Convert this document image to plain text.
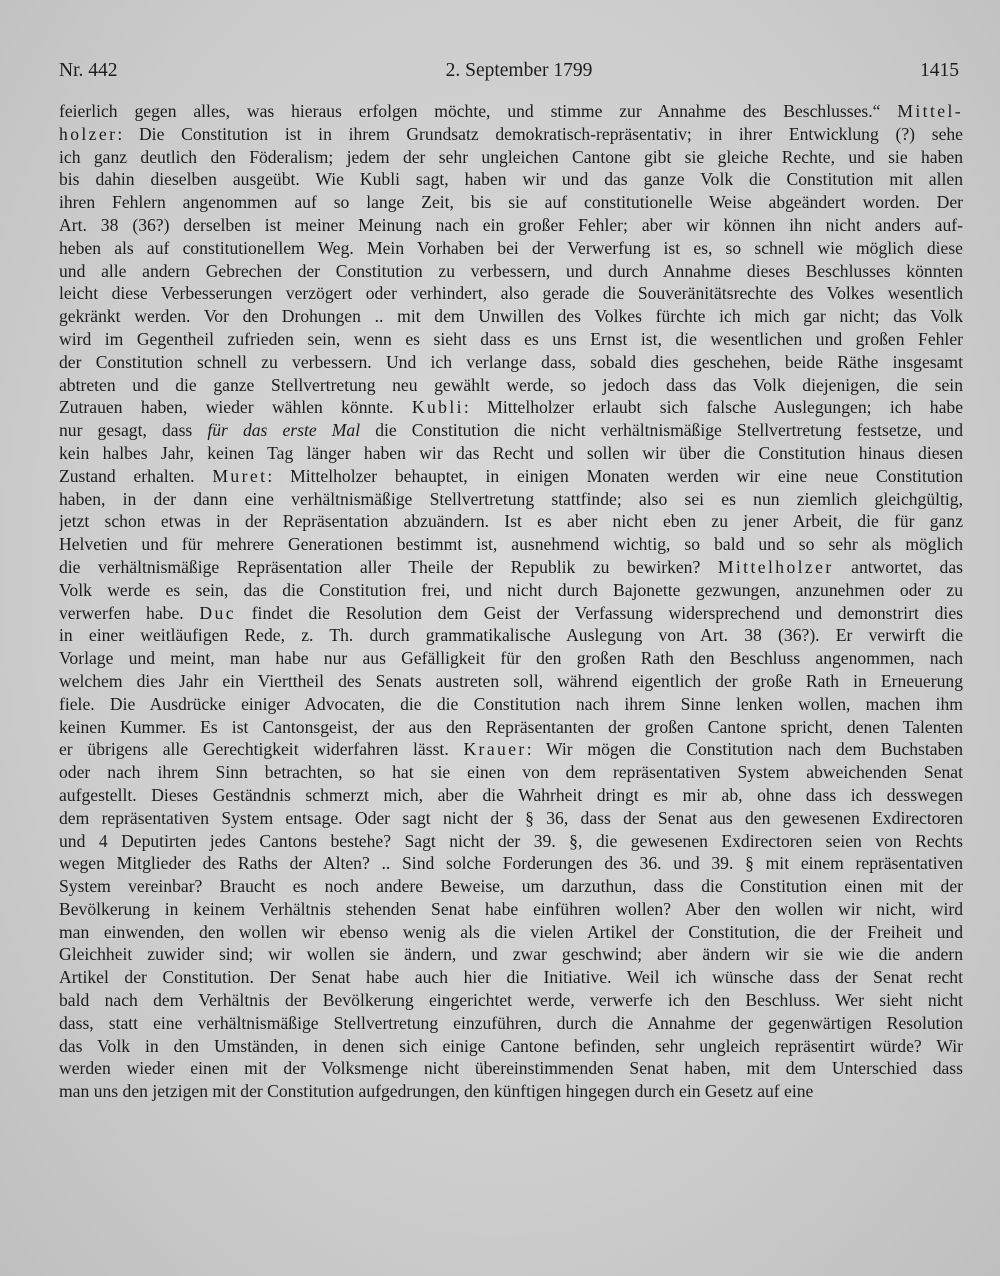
Nr. 442	2. September 1799	1415
feierlich gegen alles, was hieraus erfolgen möchte, und stimme zur Annahme des Beschlusses.“ Mittel-
holzer: Die Constitution ist in ihrem Grundsatz demokratisch-repräsentativ; in ihrer Entwicklung (?) sehe
ich ganz deutlich den Föderalism; jedem der sehr ungleichen Cantone gibt sie gleiche Rechte, und sie haben
bis dahin dieselben ausgeübt. Wie Kubli sagt, haben wir und das ganze Volk die Constitution mit allen
ihren Fehlern angenommen auf so lange Zeit, bis sie auf constitutionelle Weise abgeändert worden. Der
Art. 38 (36?) derselben ist meiner Meinung nach ein großer Fehler; aber wir können ihn nicht anders auf-
heben als auf constitutionellem Weg. Mein Vorhaben bei der Verwerfung ist es, so schnell wie möglich diese
und alle andern Gebrechen der Constitution zu verbessern, und durch Annahme dieses Beschlusses könnten
leicht diese Verbesserungen verzögert oder verhindert, also gerade die Souveränitätsrechte des Volkes wesentlich
gekränkt werden. Vor den Drohungen .. mit dem Unwillen des Volkes fürchte ich mich gar nicht; das Volk
wird im Gegentheil zufrieden sein, wenn es sieht dass es uns Ernst ist, die wesentlichen und großen Fehler
der Constitution schnell zu verbessern. Und ich verlange dass, sobald dies geschehen, beide Räthe insgesamt
abtreten und die ganze Stellvertretung neu gewählt werde, so jedoch dass das Volk diejenigen, die sein
Zutrauen haben, wieder wählen könnte. Kubli: Mittelholzer erlaubt sich falsche Auslegungen; ich habe
nur gesagt, dass für das erste Mal die Constitution die nicht verhältnismäßige Stellvertretung festsetze, und
kein halbes Jahr, keinen Tag länger haben wir das Recht und sollen wir über die Constitution hinaus diesen
Zustand erhalten. Muret: Mittelholzer behauptet, in einigen Monaten werden wir eine neue Constitution
haben, in der dann eine verhältnismäßige Stellvertretung stattfinde; also sei es nun ziemlich gleichgültig,
jetzt schon etwas in der Repräsentation abzuändern. Ist es aber nicht eben zu jener Arbeit, die für ganz
Helvetien und für mehrere Generationen bestimmt ist, ausnehmend wichtig, so bald und so sehr als möglich
die verhältnismäßige Repräsentation aller Theile der Republik zu bewirken? Mittelholzer antwortet, das
Volk werde es sein, das die Constitution frei, und nicht durch Bajonette gezwungen, anzunehmen oder zu
verwerfen habe. Duc findet die Resolution dem Geist der Verfassung widersprechend und demonstrirt dies
in einer weitläufigen Rede, z. Th. durch grammatikalische Auslegung von Art. 38 (36?). Er verwirft die
Vorlage und meint, man habe nur aus Gefälligkeit für den großen Rath den Beschluss angenommen, nach
welchem dies Jahr ein Vierttheil des Senats austreten soll, während eigentlich der große Rath in Erneuerung
fiele. Die Ausdrücke einiger Advocaten, die die Constitution nach ihrem Sinne lenken wollen, machen ihm
keinen Kummer. Es ist Cantonsgeist, der aus den Repräsentanten der großen Cantone spricht, denen Talenten
er übrigens alle Gerechtigkeit widerfahren lässt. Krauer: Wir mögen die Constitution nach dem Buchstaben
oder nach ihrem Sinn betrachten, so hat sie einen von dem repräsentativen System abweichenden Senat
aufgestellt. Dieses Geständnis schmerzt mich, aber die Wahrheit dringt es mir ab, ohne dass ich desswegen
dem repräsentativen System entsage. Oder sagt nicht der § 36, dass der Senat aus den gewesenen Exdirectoren
und 4 Deputirten jedes Cantons bestehe? Sagt nicht der 39. §, die gewesenen Exdirectoren seien von Rechts
wegen Mitglieder des Raths der Alten? .. Sind solche Forderungen des 36. und 39. § mit einem repräsentativen
System vereinbar? Braucht es noch andere Beweise, um darzuthun, dass die Constitution einen mit der
Bevölkerung in keinem Verhältnis stehenden Senat habe einführen wollen? Aber den wollen wir nicht, wird
man einwenden, den wollen wir ebenso wenig als die vielen Artikel der Constitution, die der Freiheit und
Gleichheit zuwider sind; wir wollen sie ändern, und zwar geschwind; aber ändern wir sie wie die andern
Artikel der Constitution. Der Senat habe auch hier die Initiative. Weil ich wünsche dass der Senat recht
bald nach dem Verhältnis der Bevölkerung eingerichtet werde, verwerfe ich den Beschluss. Wer sieht nicht
dass, statt eine verhältnismäßige Stellvertretung einzuführen, durch die Annahme der gegenwärtigen Resolution
das Volk in den Umständen, in denen sich einige Cantone befinden, sehr ungleich repräsentirt würde? Wir
werden wieder einen mit der Volksmenge nicht übereinstimmenden Senat haben, mit dem Unterschied dass
man uns den jetzigen mit der Constitution aufgedrungen, den künftigen hingegen durch ein Gesetz auf eine
